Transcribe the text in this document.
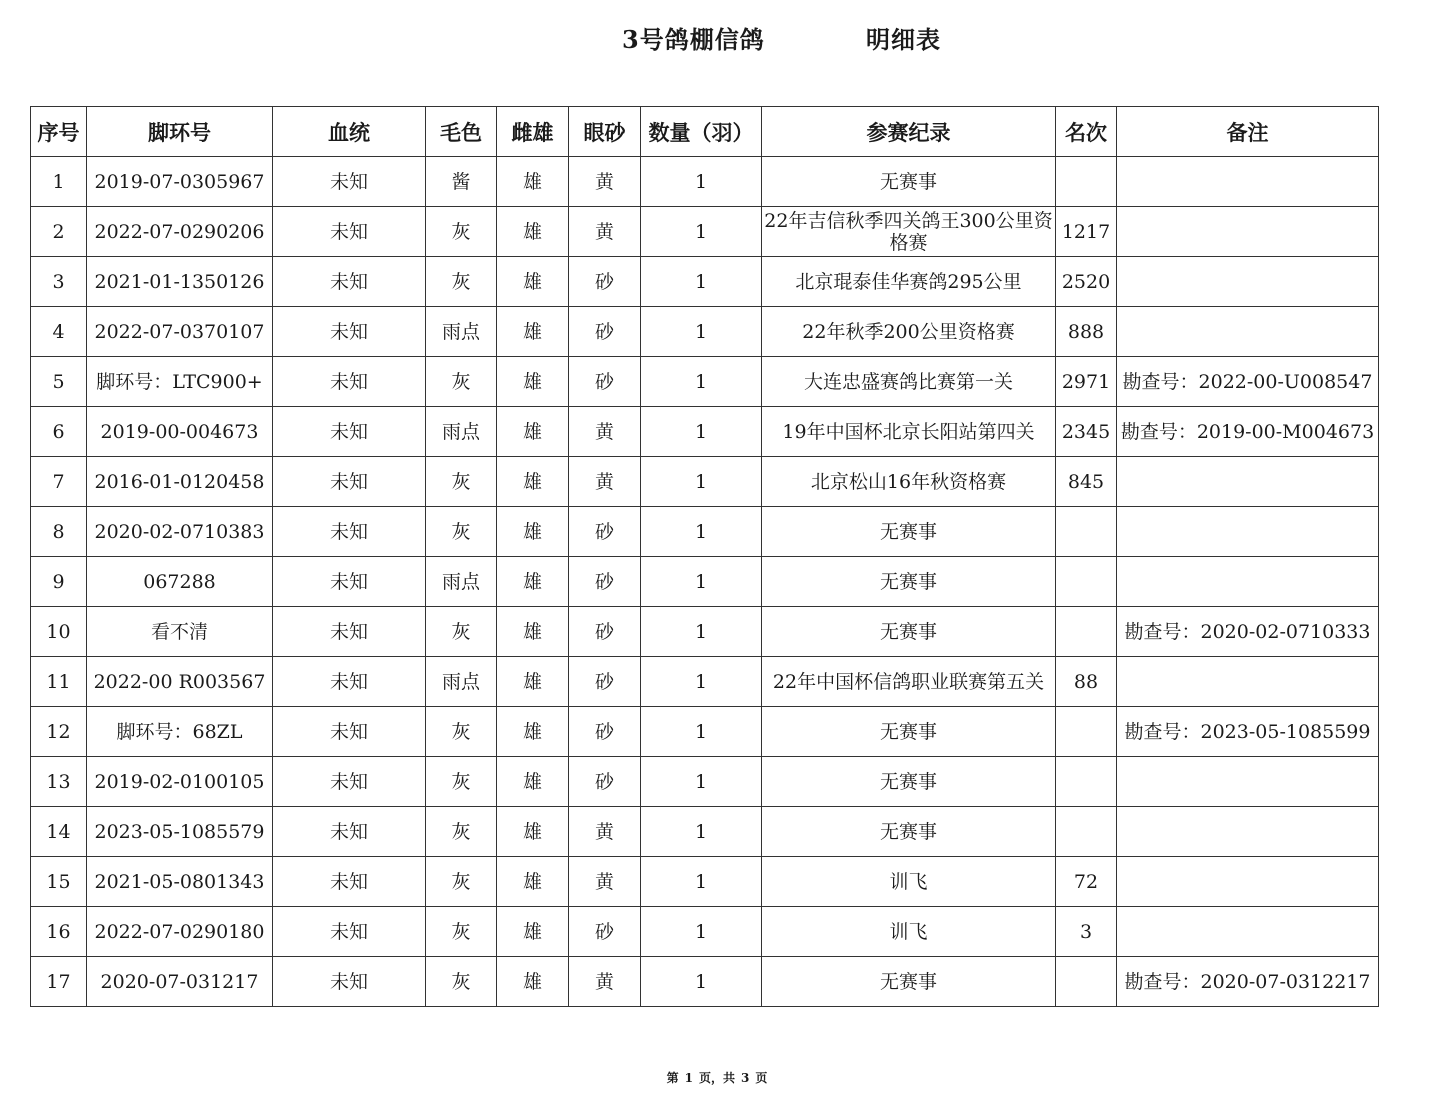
3号鸽棚信鸽	明细表
序号	脚环号	血统	毛色	雌雄	眼砂	数量（羽）	参赛纪录	名次	备注
1	2019-07-0305967	未知	酱	雄	黄	1	无赛事		
2	2022-07-0290206	未知	灰	雄	黄	1	22年吉信秋季四关鸽王300公里资格赛	1217	
3	2021-01-1350126	未知	灰	雄	砂	1	北京琨泰佳华赛鸽295公里	2520	
4	2022-07-0370107	未知	雨点	雄	砂	1	22年秋季200公里资格赛	888	
5	脚环号：LTC900+	未知	灰	雄	砂	1	大连忠盛赛鸽比赛第一关	2971	勘查号：2022-00-U008547
6	2019-00-004673	未知	雨点	雄	黄	1	19年中国杯北京长阳站第四关	2345	勘查号：2019-00-M004673
7	2016-01-0120458	未知	灰	雄	黄	1	北京松山16年秋资格赛	845	
8	2020-02-0710383	未知	灰	雄	砂	1	无赛事		
9	067288	未知	雨点	雄	砂	1	无赛事		
10	看不清	未知	灰	雄	砂	1	无赛事		勘查号：2020-02-0710333
11	2022-00 R003567	未知	雨点	雄	砂	1	22年中国杯信鸽职业联赛第五关	88	
12	脚环号：68ZL	未知	灰	雄	砂	1	无赛事		勘查号：2023-05-1085599
13	2019-02-0100105	未知	灰	雄	砂	1	无赛事		
14	2023-05-1085579	未知	灰	雄	黄	1	无赛事		
15	2021-05-0801343	未知	灰	雄	黄	1	训飞	72	
16	2022-07-0290180	未知	灰	雄	砂	1	训飞	3	
17	2020-07-031217	未知	灰	雄	黄	1	无赛事		勘查号：2020-07-0312217
第 1 页，共 3 页
